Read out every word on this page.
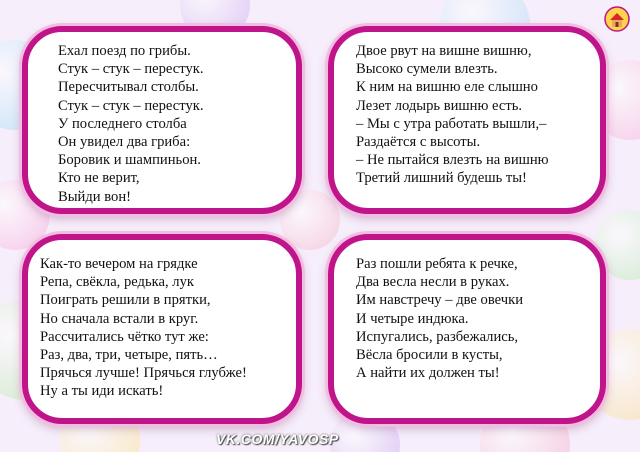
Ехал поезд по грибы.
Стук – стук – перестук.
Пересчитывал столбы.
Стук – стук – перестук.
У последнего столба
Он увидел два гриба:
Боровик и шампиньон.
Кто не верит,
Выйди вон!
Двое рвут на вишне вишню,
Высоко сумели влезть.
К ним на вишню еле слышно
Лезет лодырь вишню есть.
– Мы с утра работать вышли,–
Раздаётся с высоты.
– Не пытайся влезть на вишню
Третий лишний будешь ты!
Как-то вечером на грядке
Репа, свёкла, редька, лук
Поиграть решили в прятки,
Но сначала встали в круг.
Рассчитались чётко тут же:
Раз, два, три, четыре, пять…
Прячься лучше! Прячься глубже!
Ну а ты иди искать!
Раз пошли ребята к речке,
Два весла несли в руках.
Им навстречу – две овечки
И четыре индюка.
Испугались, разбежались,
Вёсла бросили в кусты,
А найти их должен ты!
VK.COM/YAVOSP
